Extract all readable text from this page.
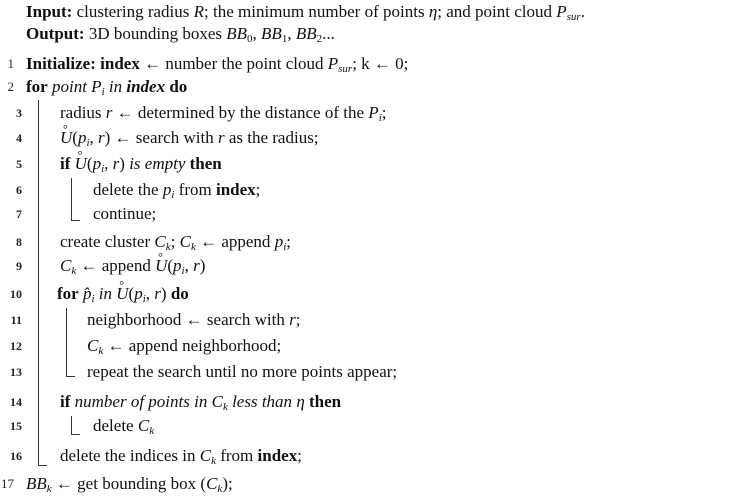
Input: clustering radius R; the minimum number of points η; and point cloud $P_{sur}$.
Output: 3D bounding boxes $BB_0$, $BB_1$, $BB_2$...
1 Initialize: index ← number the point cloud $P_{sur}$; k ← 0;
2 for point $P_i$ in index do
3 radius r ← determined by the distance of the $P_i$;
4 ° $U(p_i$, r) ← search with r as the radius;
5 if ° $U(p_i$, r) is empty then
6	delete the $p_i$ from index;
7	continue;
8 create cluster $C_k$; $C_k$ ← append $p_i$;
9 $C_k$ ← append ° $U(p_i$, r)
10 for $p̂_i$ in ° $U(p_i$, r) do
11	neighborhood ← search with r;
12	$C_k$ ← append neighborhood;
13	repeat the search until no more points appear;
14 if number of points in $C_k$ less than η then
15	delete $C_k$
16 delete the indices in $C_k$ from index;
17 $BB_k$ ← get bounding box $(C_k)$;
